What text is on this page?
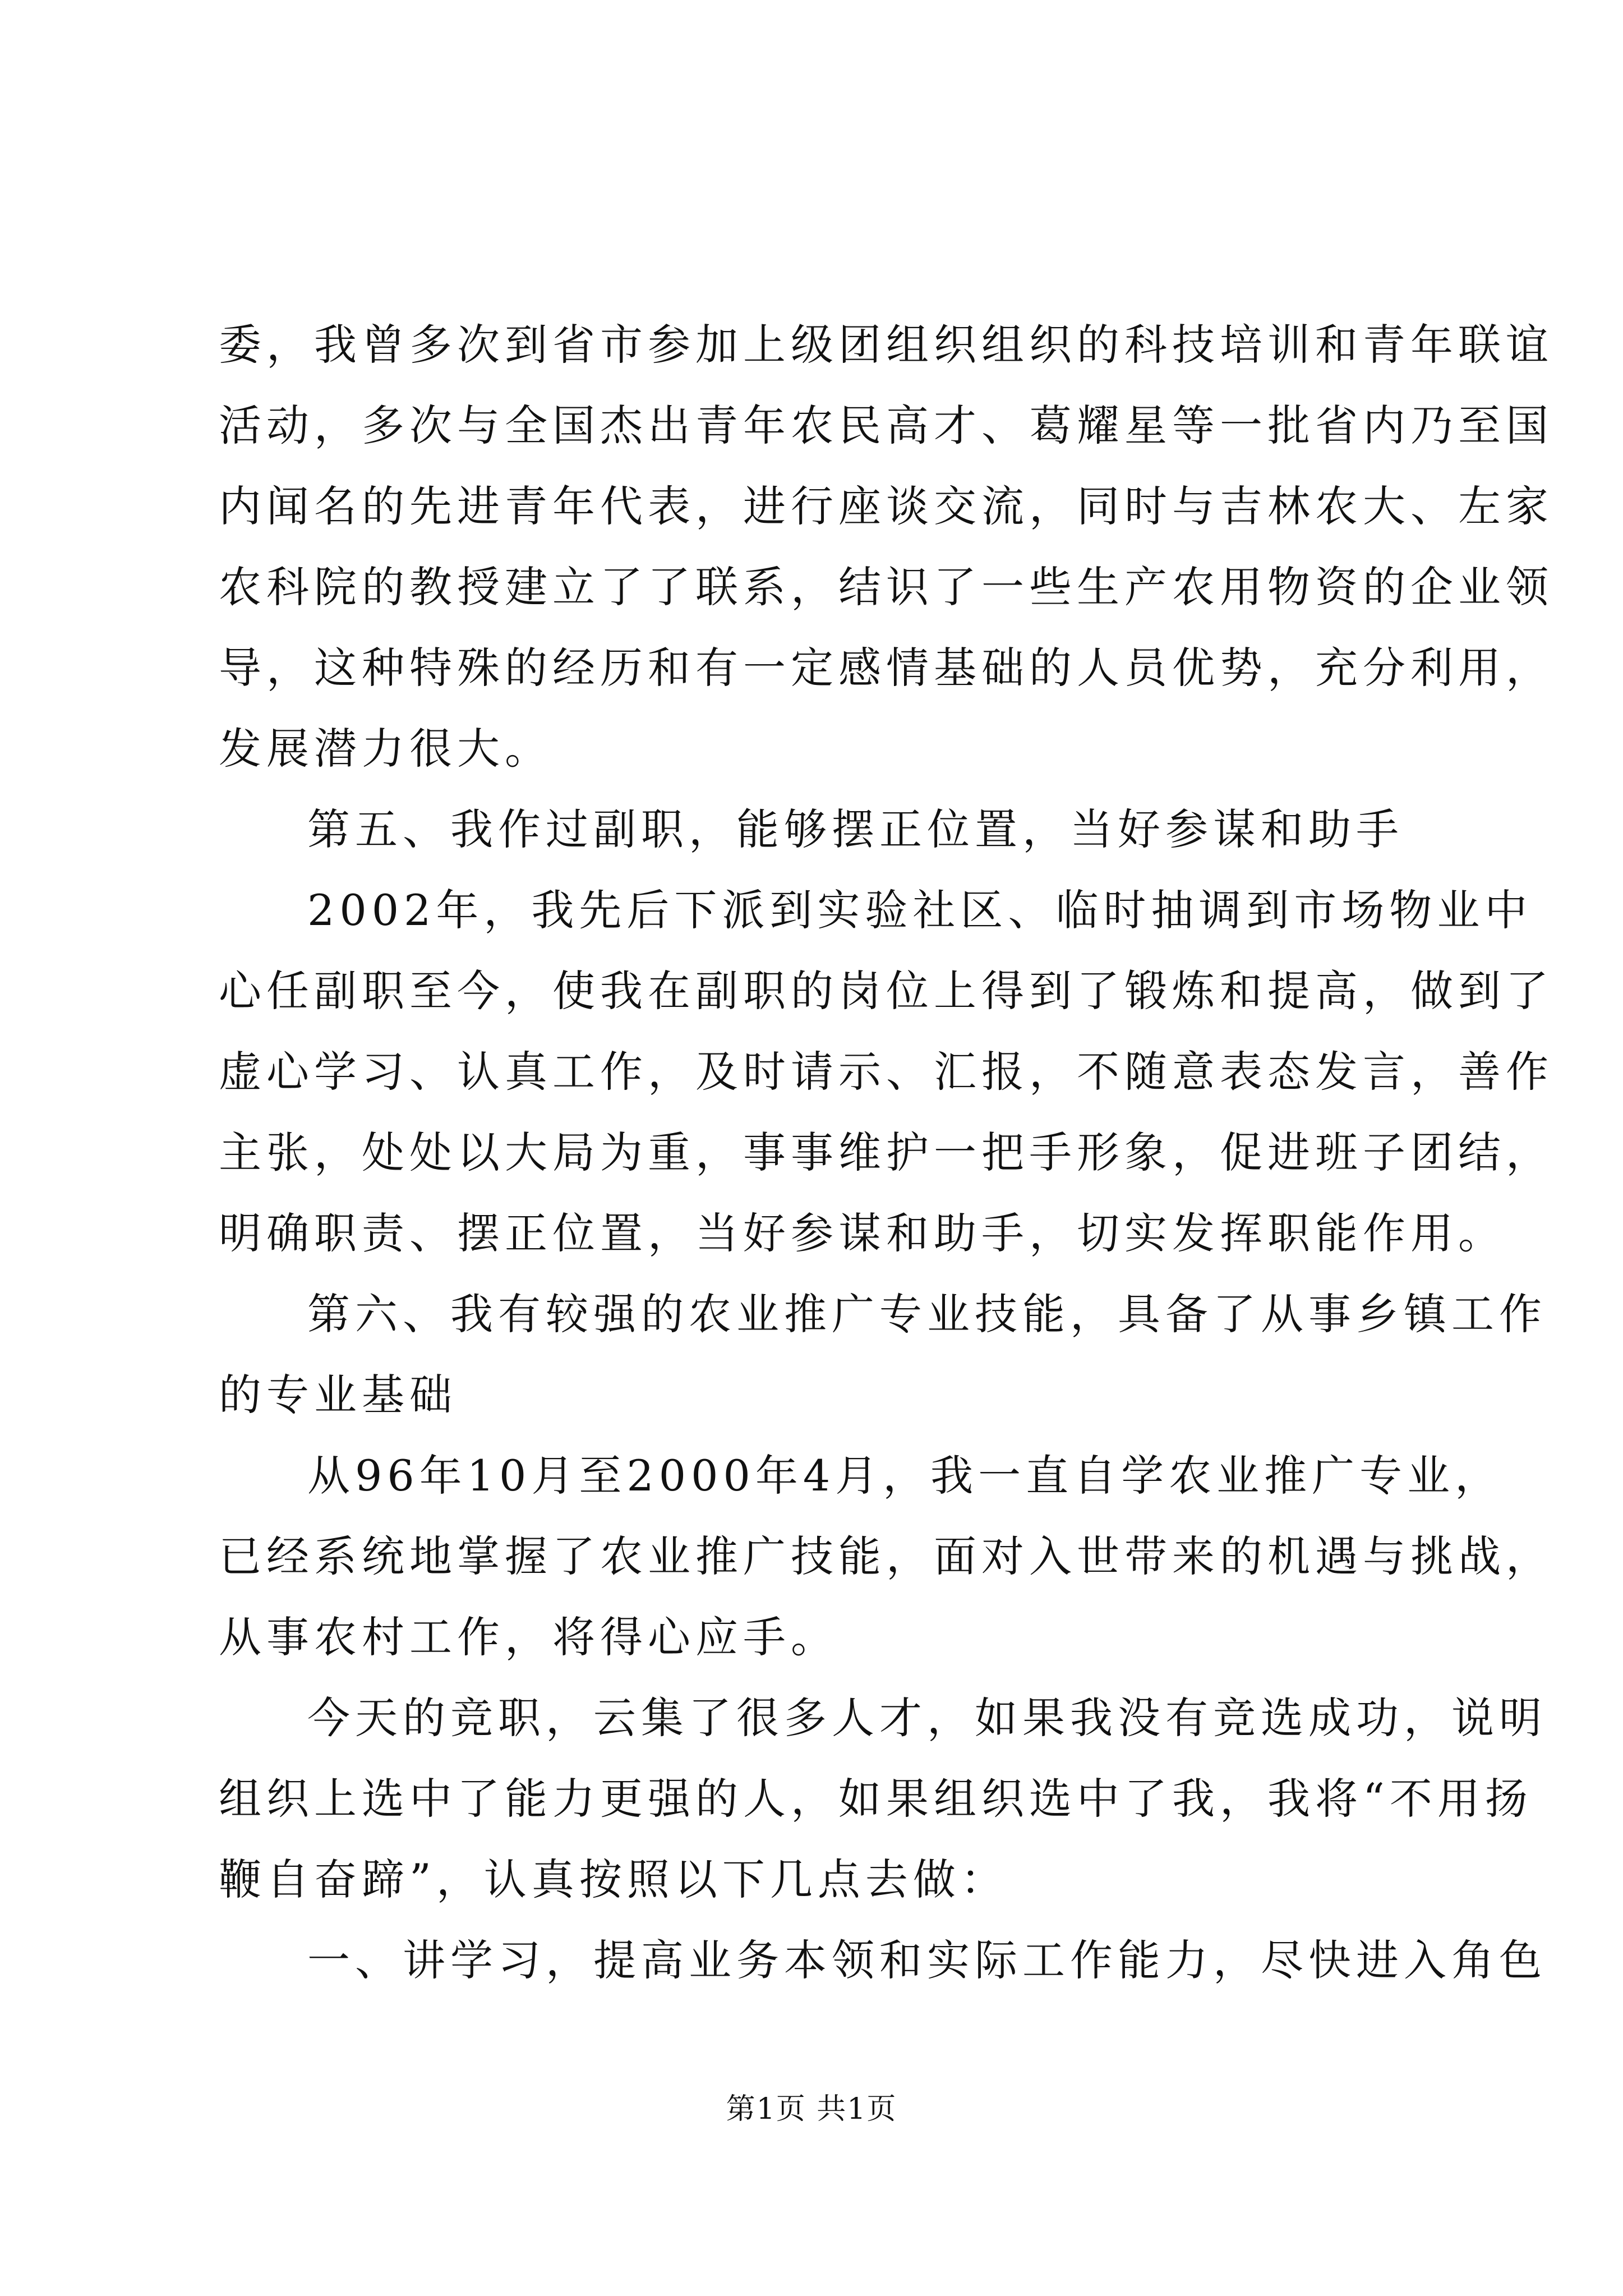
委，我曾多次到省市参加上级团组织组织的科技培训和青年联谊
活动，多次与全国杰出青年农民高才、葛耀星等一批省内乃至国
内闻名的先进青年代表，进行座谈交流，同时与吉林农大、左家
农科院的教授建立了了联系，结识了一些生产农用物资的企业领
导，这种特殊的经历和有一定感情基础的人员优势，充分利用，
发展潜力很大。
第五、我作过副职，能够摆正位置，当好参谋和助手
2002年，我先后下派到实验社区、临时抽调到市场物业中
心任副职至今，使我在副职的岗位上得到了锻炼和提高，做到了
虚心学习、认真工作，及时请示、汇报，不随意表态发言，善作
主张，处处以大局为重，事事维护一把手形象，促进班子团结，
明确职责、摆正位置，当好参谋和助手，切实发挥职能作用。
第六、我有较强的农业推广专业技能，具备了从事乡镇工作
的专业基础
从96年10月至2000年4月，我一直自学农业推广专业，
已经系统地掌握了农业推广技能，面对入世带来的机遇与挑战，
从事农村工作，将得心应手。
今天的竞职，云集了很多人才，如果我没有竞选成功，说明
组织上选中了能力更强的人，如果组织选中了我，我将“不用扬
鞭自奋蹄”，认真按照以下几点去做：
一、讲学习，提高业务本领和实际工作能力，尽快进入角色
第1页 共1页
